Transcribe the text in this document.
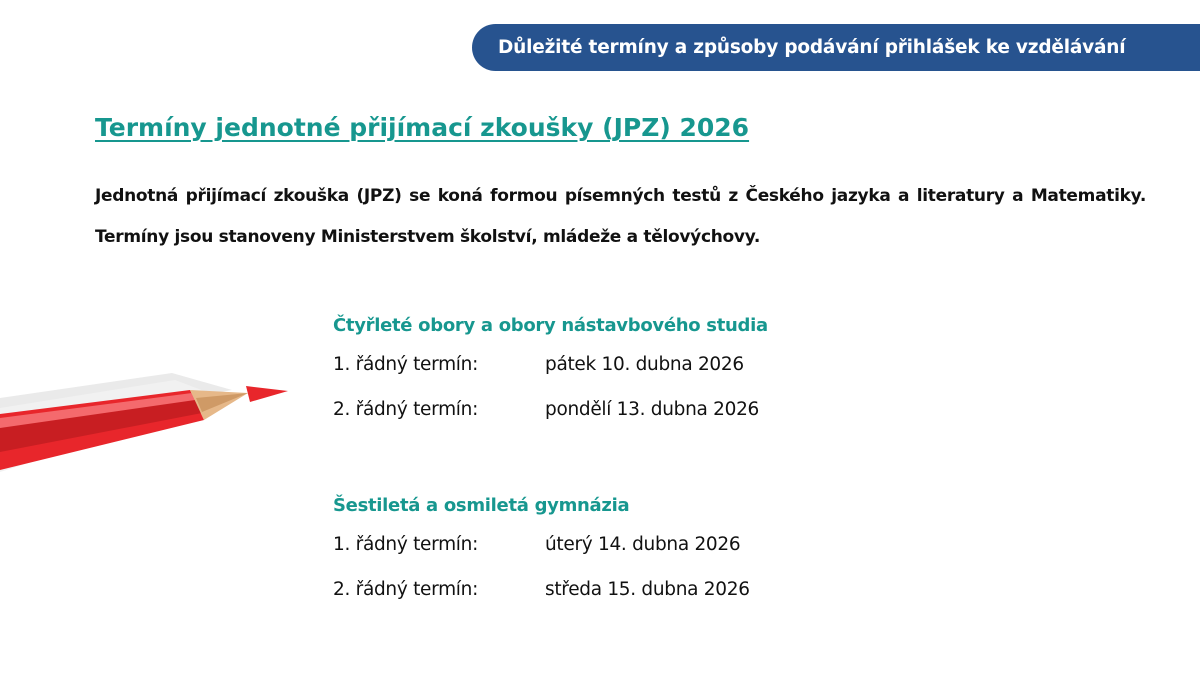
Důležité termíny a způsoby podávání přihlášek ke vzdělávání
Termíny jednotné přijímací zkoušky (JPZ) 2026

Jednotná přijímací zkouška (JPZ) se koná formou písemných testů z Českého jazyka a literatury a Matematiky. Termíny jsou stanoveny Ministerstvem školství, mládeže a tělovýchovy.

Čtyřleté obory a obory nástavbového studia
1. řádný termín:	pátek 10. dubna 2026
2. řádný termín:	pondělí 13. dubna 2026
Šestiletá a osmiletá gymnázia
1. řádný termín:	úterý 14. dubna 2026
2. řádný termín:	středa 15. dubna 2026
